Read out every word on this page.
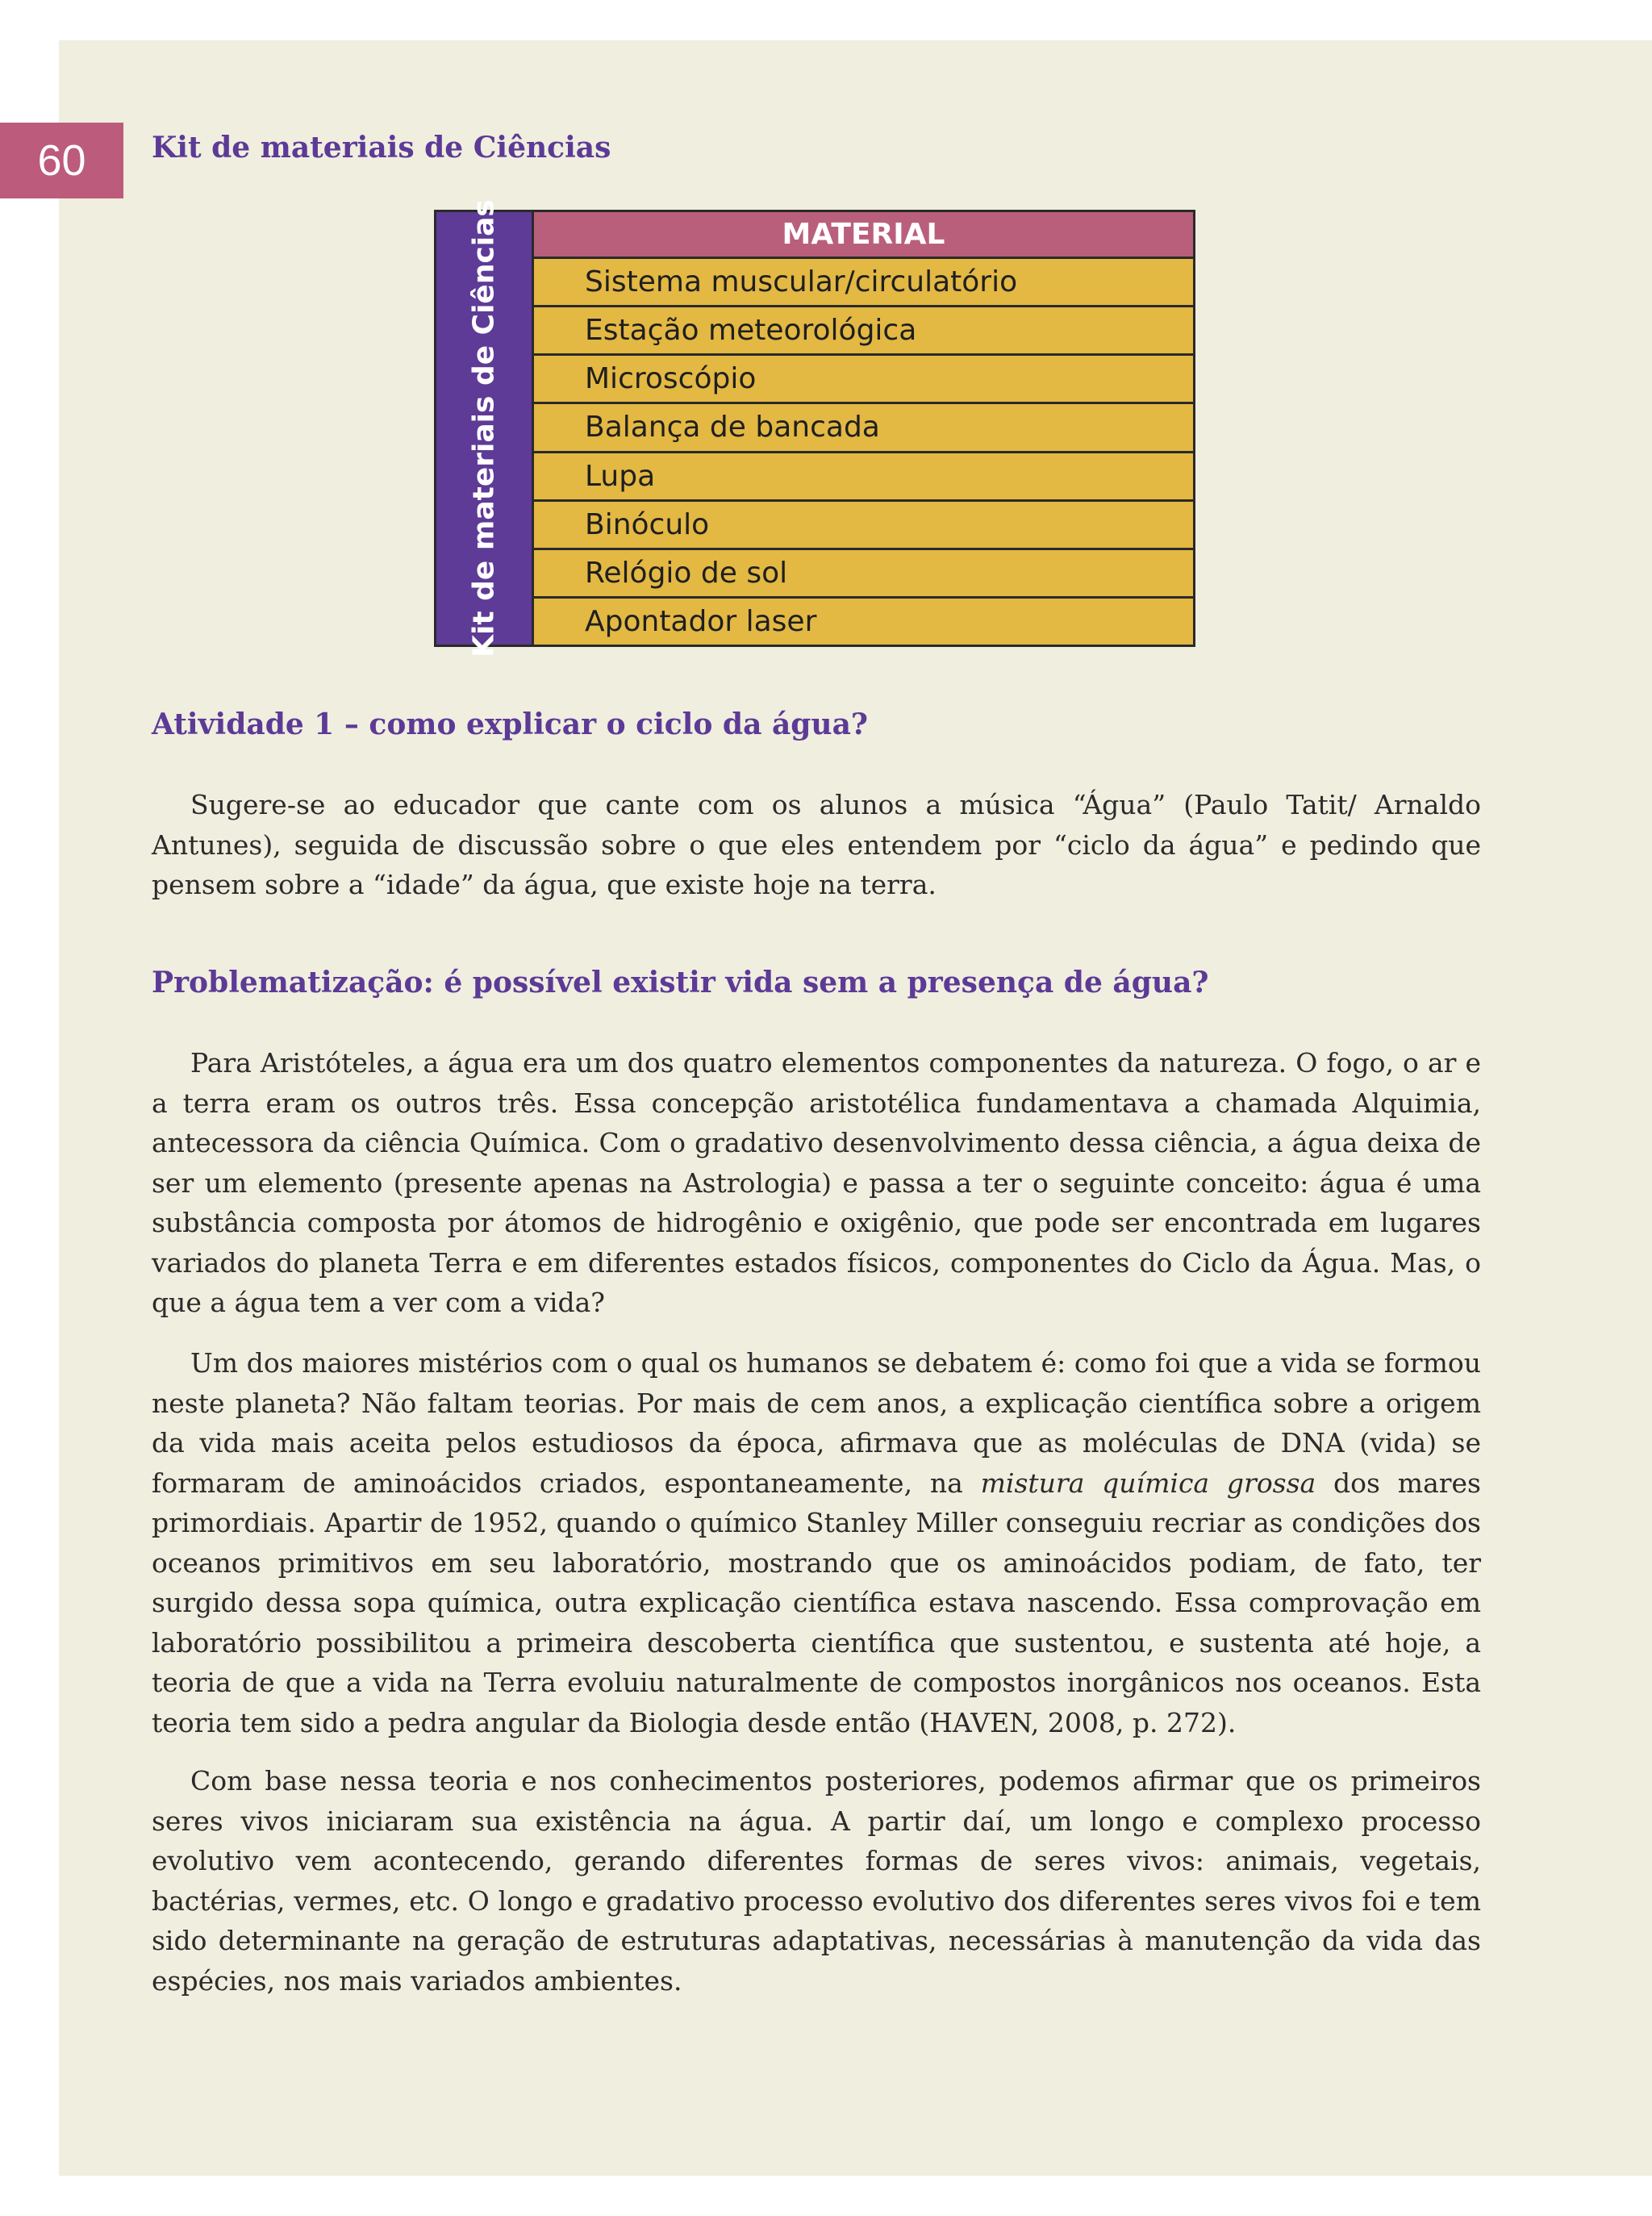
60	Kit de materiais de Ciências
Kit de materiais de Ciências	MATERIAL
Sistema muscular/circulatório
Estação meteorológica
Microscópio
Balança de bancada
Lupa
Binóculo
Relógio de sol
Apontador laser
Atividade 1 – como explicar o ciclo da água?

Sugere-se ao educador que cante com os alunos a música “Água” (Paulo Tatit/ Arnaldo Antunes), seguida de discussão sobre o que eles entendem por “ciclo da água” e pedindo que pensem sobre a “idade” da água, que existe hoje na terra.

Problematização: é possível existir vida sem a presença de água?

Para Aristóteles, a água era um dos quatro elementos componentes da natureza. O fogo, o ar e a terra eram os outros três. Essa concepção aristotélica fundamentava a chamada Alquimia, antecessora da ciência Química. Com o gradativo desenvolvimento dessa ciência, a água deixa de ser um elemento (presente apenas na Astrologia) e passa a ter o seguinte conceito: água é uma substância composta por átomos de hidrogênio e oxigênio, que pode ser encontrada em lugares variados do planeta Terra e em diferentes estados físicos, componentes do Ciclo da Água. Mas, o que a água tem a ver com a vida?

Um dos maiores mistérios com o qual os humanos se debatem é: como foi que a vida se formou neste planeta? Não faltam teorias. Por mais de cem anos, a explicação científica sobre a origem da vida mais aceita pelos estudiosos da época, afirmava que as moléculas de DNA (vida) se formaram de aminoácidos criados, espontaneamente, na mistura química grossa dos mares primordiais. Apartir de 1952, quando o químico Stanley Miller conseguiu recriar as condições dos oceanos primitivos em seu laboratório, mostrando que os aminoácidos podiam, de fato, ter surgido dessa sopa química, outra explicação científica estava nascendo. Essa comprovação em laboratório possibilitou a primeira descoberta científica que sustentou, e sustenta até hoje, a teoria de que a vida na Terra evoluiu naturalmente de compostos inorgânicos nos oceanos. Esta teoria tem sido a pedra angular da Biologia desde então (HAVEN, 2008, p. 272).

Com base nessa teoria e nos conhecimentos posteriores, podemos afirmar que os primeiros seres vivos iniciaram sua existência na água. A partir daí, um longo e complexo processo evolutivo vem acontecendo, gerando diferentes formas de seres vivos: animais, vegetais, bactérias, vermes, etc. O longo e gradativo processo evolutivo dos diferentes seres vivos foi e tem sido determinante na geração de estruturas adaptativas, necessárias à manutenção da vida das espécies, nos mais variados ambientes.
